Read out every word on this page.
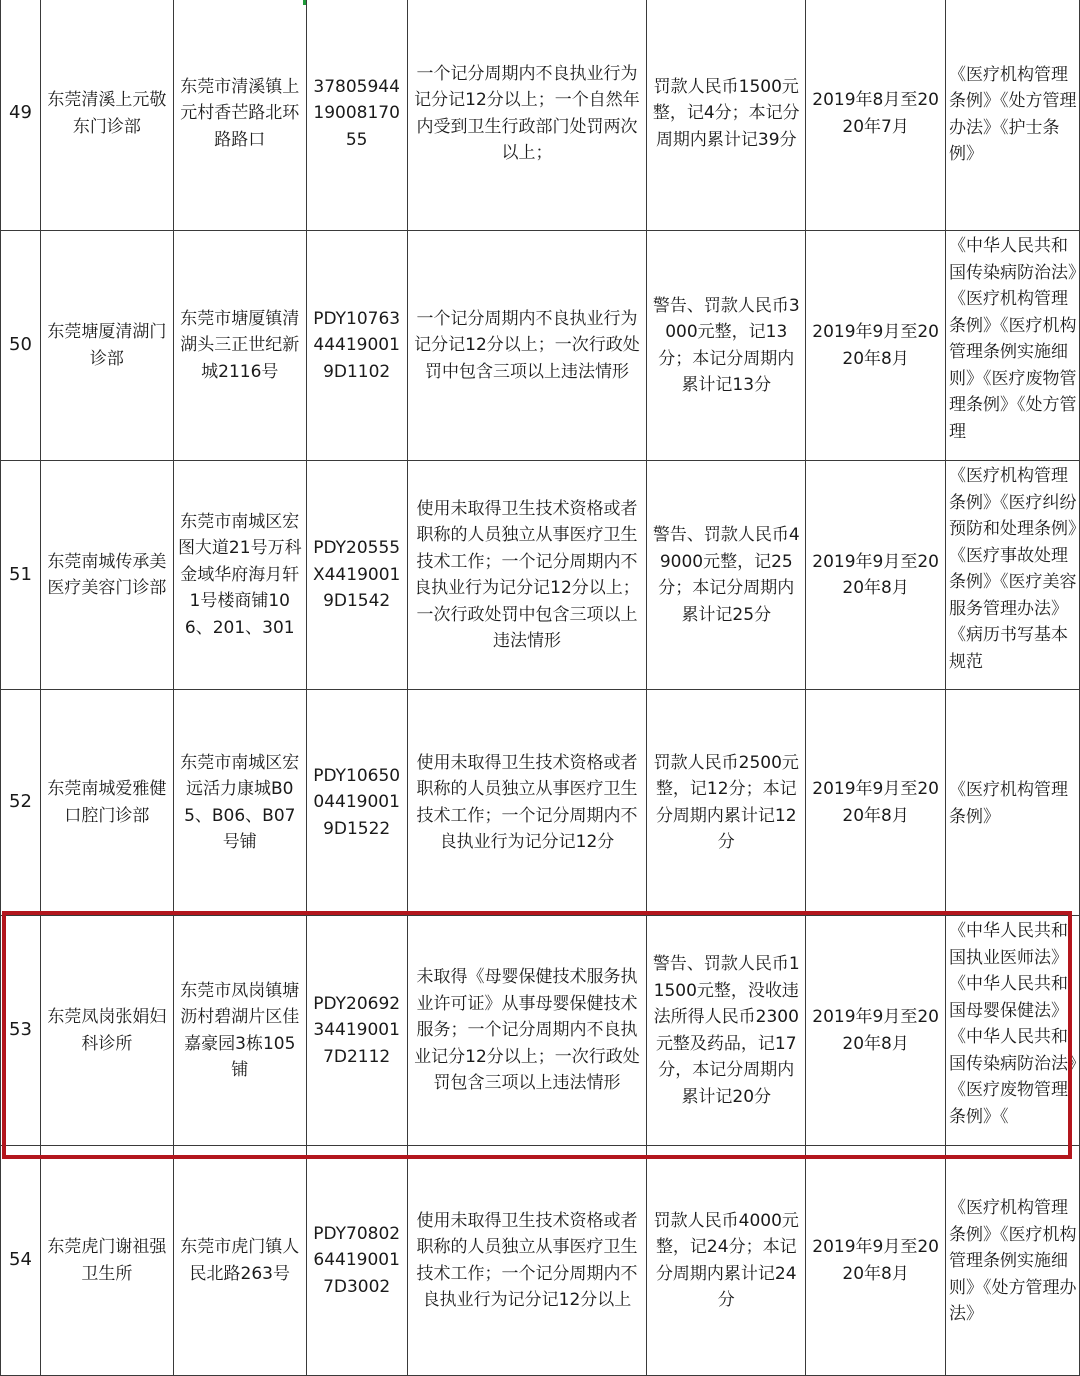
49	东莞清溪上元敬东门诊部	东莞市清溪镇上元村香芒路北环路路口	378059441900817055	一个记分周期内不良执业行为记分记12分以上；一个自然年内受到卫生行政部门处罚两次以上；	罚款人民币1500元整，记4分；本记分周期内累计记39分	2019年8月至2020年7月	《医疗机构管理条例》《处方管理办法》《护士条例》

50	东莞塘厦清湖门诊部	东莞市塘厦镇清湖头三正世纪新城2116号	PDY10763444190019D1102	一个记分周期内不良执业行为记分记12分以上；一次行政处罚中包含三项以上违法情形	警告、罚款人民币3000元整，记13分；本记分周期内累计记13分	2019年9月至2020年8月	《中华人民共和国传染病防治法》《医疗机构管理条例》《医疗机构管理条例实施细则》《医疗废物管理条例》《处方管理

51	东莞南城传承美医疗美容门诊部	东莞市南城区宏图大道21号万科金域华府海月轩1号楼商铺106、201、301	PDY20555X44190019D1542	使用未取得卫生技术资格或者职称的人员独立从事医疗卫生技术工作；一个记分周期内不良执业行为记分记12分以上；一次行政处罚中包含三项以上违法情形	警告、罚款人民币49000元整，记25分；本记分周期内累计记25分	2019年9月至2020年8月	《医疗机构管理条例》《医疗纠纷预防和处理条例》《医疗事故处理条例》《医疗美容服务管理办法》《病历书写基本规范

52	东莞南城爱雅健口腔门诊部	东莞市南城区宏远活力康城B05、B06、B07号铺	PDY10650044190019D1522	使用未取得卫生技术资格或者职称的人员独立从事医疗卫生技术工作；一个记分周期内不良执业行为记分记12分	罚款人民币2500元整，记12分；本记分周期内累计记12分	2019年9月至2020年8月	《医疗机构管理条例》

53	东莞凤岗张娟妇科诊所	东莞市凤岗镇塘沥村碧湖片区佳嘉豪园3栋105铺	PDY20692344190017D2112	未取得《母婴保健技术服务执业许可证》从事母婴保健技术服务；一个记分周期内不良执业记分12分以上；一次行政处罚包含三项以上违法情形	警告、罚款人民币11500元整，没收违法所得人民币2300元整及药品，记17分，本记分周期内累计记20分	2019年9月至2020年8月	《中华人民共和国执业医师法》《中华人民共和国母婴保健法》《中华人民共和国传染病防治法》《医疗废物管理条例》《

54	东莞虎门谢祖强卫生所	东莞市虎门镇人民北路263号	PDY70802644190017D3002	使用未取得卫生技术资格或者职称的人员独立从事医疗卫生技术工作；一个记分周期内不良执业行为记分记12分以上	罚款人民币4000元整，记24分；本记分周期内累计记24分	2019年9月至2020年8月	《医疗机构管理条例》《医疗机构管理条例实施细则》《处方管理办法》
